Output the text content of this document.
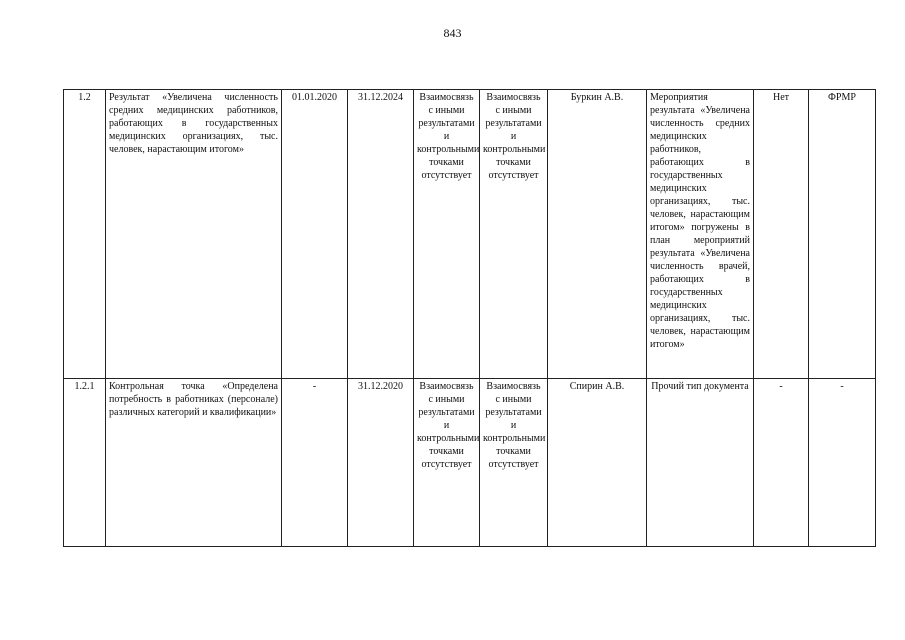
843
1.2	Результат «Увеличена численность средних медицинских работников, работающих в государственных медицинских организациях, тыс. человек, нарастающим итогом»	01.01.2020	31.12.2024	Взаимосвязь с иными результатами и контрольными точками отсутствует	Взаимосвязь с иными результатами и контрольными точками отсутствует	Буркин А.В.	Мероприятия результата «Увеличена численность средних медицинских работников, работающих в государственных медицинских организациях, тыс. человек, нарастающим итогом» погружены в план мероприятий результата «Увеличена численность врачей, работающих в государственных медицинских организациях, тыс. человек, нарастающим итогом»	Нет	ФРМР
1.2.1	Контрольная точка «Определена потребность в работниках (персонале) различных категорий и квалификации»	-	31.12.2020	Взаимосвязь с иными результатами и контрольными точками отсутствует	Взаимосвязь с иными результатами и контрольными точками отсутствует	Спирин А.В.	Прочий тип документа	-	-
